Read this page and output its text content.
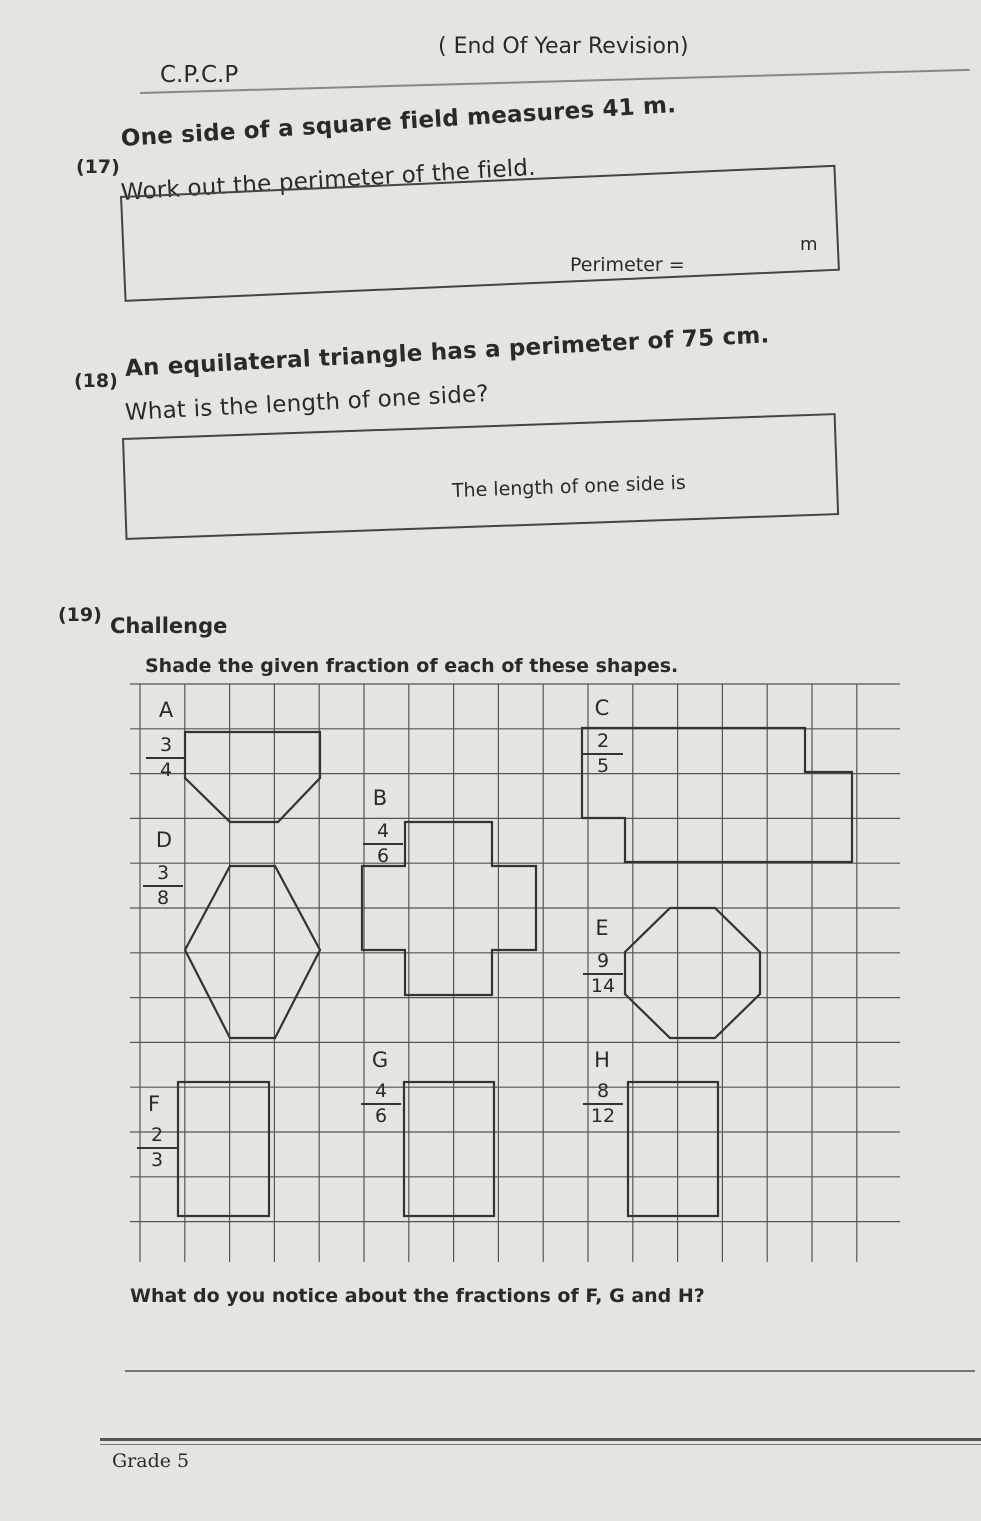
C.P.C.P
( End Of Year Revision)
(17)
One side of a square field measures 41 m.
Work out the perimeter of the field.
Perimeter =
m
(18) An equilateral triangle has a perimeter of 75 cm.
What is the length of one side?
The length of one side is
(19) Challenge
Shade the given fraction of each of these shapes.
A
$\frac{3}{4}$
B
$\frac{4}{6}$
C
$\frac{2}{5}$
D
$\frac{3}{8}$
E
$\frac{9}{14}$
F
$\frac{2}{3}$
G
$\frac{4}{6}$
H
$\frac{8}{12}$
What do you notice about the fractions of F, G and H?
Grade 5
